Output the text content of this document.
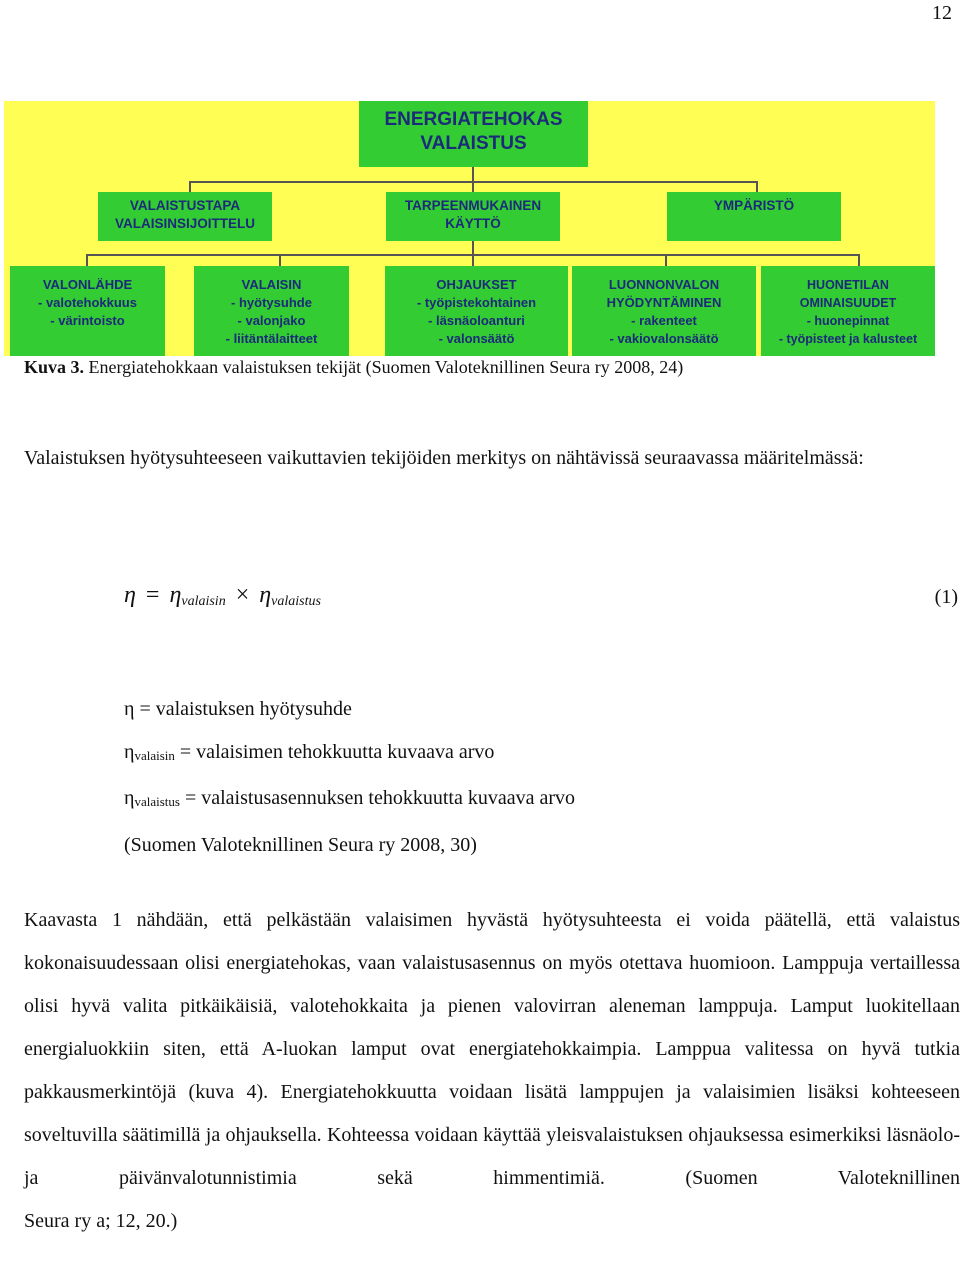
12
ENERGIATEHOKAS
VALAISTUS
VALAISTUSTAPA
VALAISINSIJOITTELU
TARPEENMUKAINEN
KÄYTTÖ
YMPÄRISTÖ
VALONLÄHDE
- valotehokkuus
- värintoisto
VALAISIN
- hyötysuhde
- valonjako
- liitäntälaitteet
OHJAUKSET
- työpistekohtainen
- läsnäoloanturi
- valonsäätö
LUONNONVALON
HYÖDYNTÄMINEN
- rakenteet
- vakiovalonsäätö
HUONETILAN
OMINAISUUDET
- huonepinnat
- työpisteet ja kalusteet
Kuva 3. Energiatehokkaan valaistuksen tekijät (Suomen Valoteknillinen Seura ry 2008, 24)
Valaistuksen hyötysuhteeseen vaikuttavien tekijöiden merkitys on nähtävissä seuraavassa määritelmässä:
$\eta = \eta_{valaisin} \times \eta_{valaistus}$	(1)
η = valaistuksen hyötysuhde
$\eta_{valaisin}$ = valaisimen tehokkuutta kuvaava arvo
$\eta_{valaistus}$ = valaistusasennuksen tehokkuutta kuvaava arvo
(Suomen Valoteknillinen Seura ry 2008, 30)
Kaavasta 1 nähdään, että pelkästään valaisimen hyvästä hyötysuhteesta ei voida päätellä, että valaistus kokonaisuudessaan olisi energiatehokas, vaan valaistusasennus on myös otettava huomioon. Lamppuja vertaillessa olisi hyvä valita pitkäikäisiä, valotehokkaita ja pienen valovirran aleneman lamppuja. Lamput luokitellaan energialuokkiin siten, että A-luokan lamput ovat energiatehokkaimpia. Lamppua valitessa on hyvä tutkia pakkausmerkintöjä (kuva 4). Energiatehokkuutta voidaan lisätä lamppujen ja valaisimien lisäksi kohteeseen soveltuvilla säätimillä ja ohjauksella. Kohteessa voidaan käyttää yleisvalaistuksen ohjauksessa esimerkiksi läsnäolo- ja päivänvalotunnistimia sekä himmentimiä. (Suomen Valoteknillinen
Seura ry a; 12, 20.)
